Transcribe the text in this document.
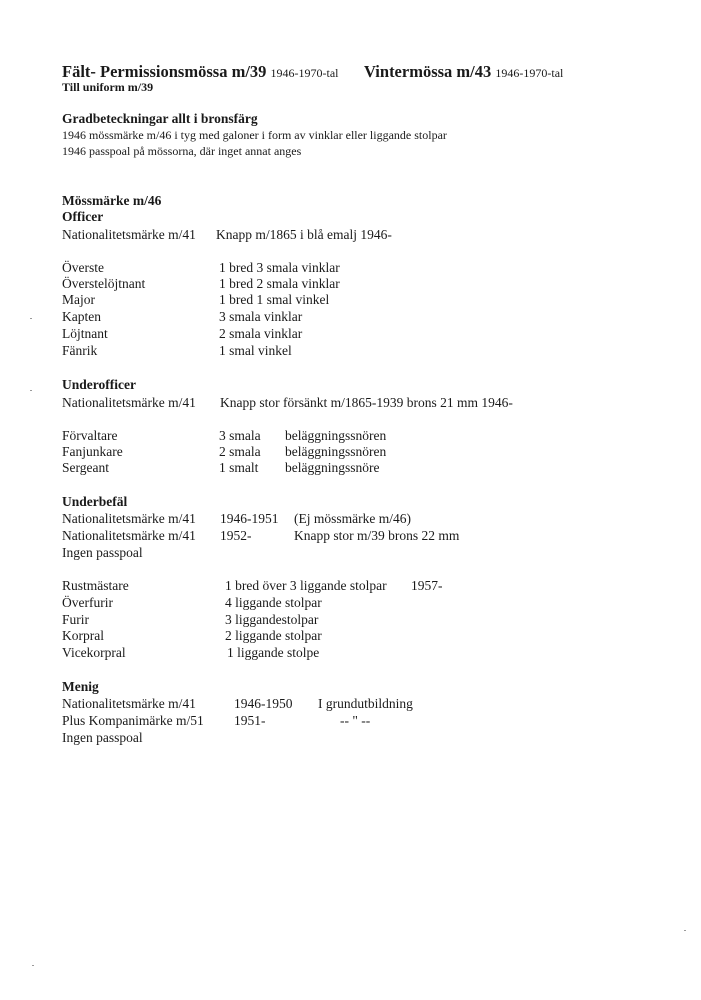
Fält- Permissionsmössa m/39 1946-1970-tal Vintermössa m/43 1946-1970-tal
Till uniform m/39
Gradbeteckningar allt i bronsfärg
1946 mössmärke m/46 i tyg med galoner i form av vinklar eller liggande stolpar
1946 passpoal på mössorna, där inget annat anges
Mössmärke m/46
Officer
Nationalitetsmärke m/41 Knapp m/1865 i blå emalj 1946-
Överste	1 bred 3 smala vinklar
Överstelöjtnant	1 bred 2 smala vinklar
Major	1 bred 1 smal vinkel
Kapten	3 smala vinklar
Löjtnant	2 smala vinklar
Fänrik	1 smal vinkel
Underofficer
Nationalitetsmärke m/41 Knapp stor försänkt m/1865-1939 brons 21 mm 1946-
Förvaltare	3 smala beläggningssnören
Fanjunkare	2 smala beläggningssnören
Sergeant	1 smalt beläggningssnöre
Underbefäl
Nationalitetsmärke m/41 1946-1951 (Ej mössmärke m/46)
Nationalitetsmärke m/41 1952-	Knapp stor m/39 brons 22 mm
Ingen passpoal
Rustmästare	1 bred över 3 liggande stolpar 1957-
Överfurir	4 liggande stolpar
Furir	3 liggandestolpar
Korpral	2 liggande stolpar
Vicekorpral	1 liggande stolpe
Menig
Nationalitetsmärke m/41	1946-1950 I grundutbildning
Plus Kompanimärke m/51 1951-	-- " --
Ingen passpoal
